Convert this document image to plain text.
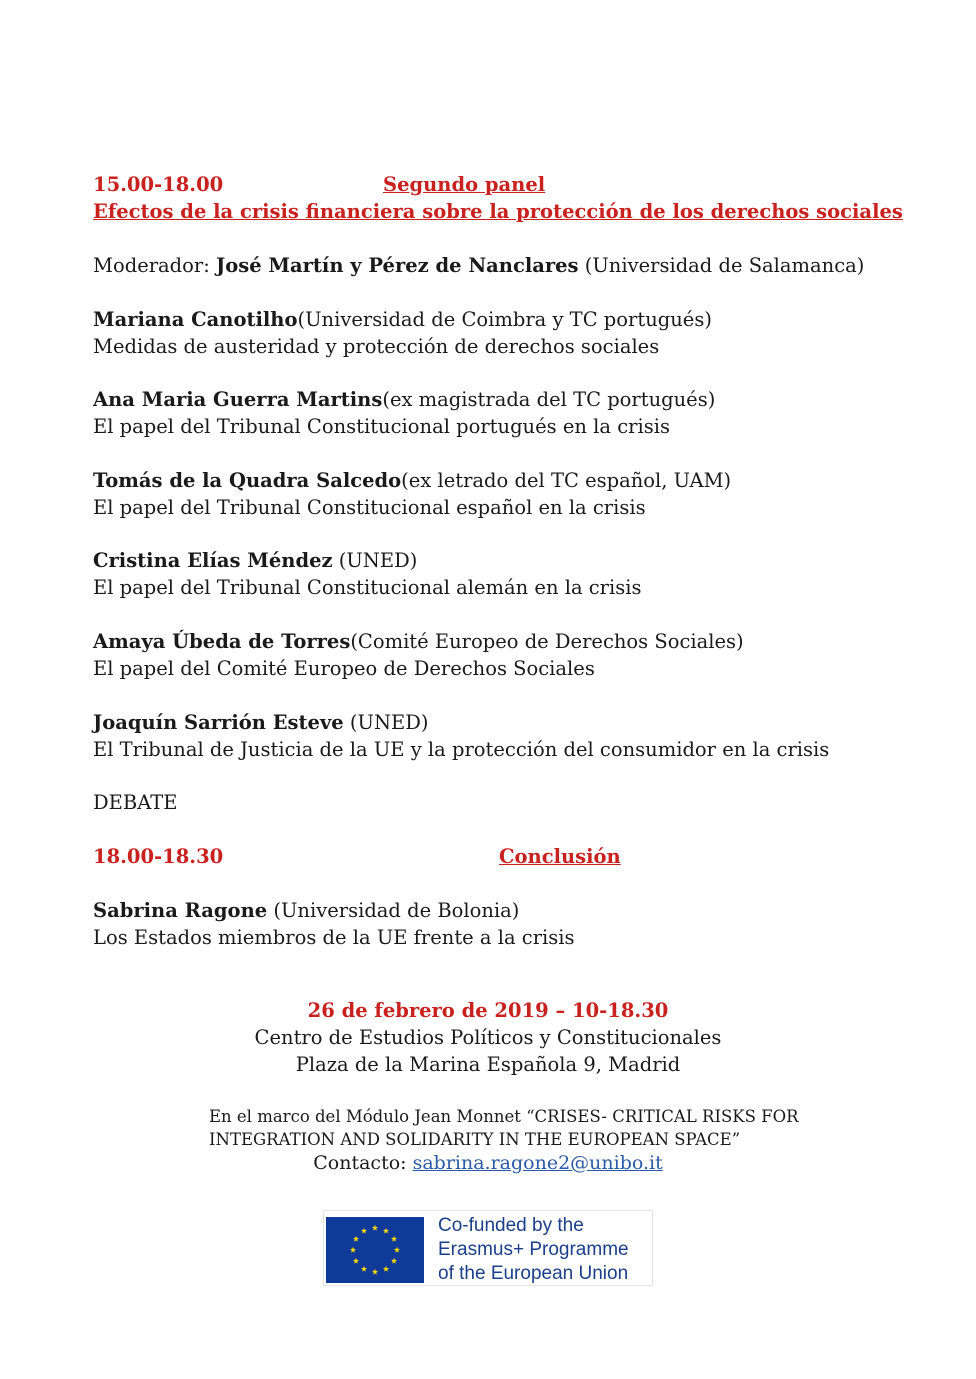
15.00-18.00	Segundo panel
Efectos de la crisis financiera sobre la protección de los derechos sociales
Moderador: José Martín y Pérez de Nanclares (Universidad de Salamanca)
Mariana Canotilho(Universidad de Coimbra y TC portugués)
Medidas de austeridad y protección de derechos sociales
Ana Maria Guerra Martins(ex magistrada del TC portugués)
El papel del Tribunal Constitucional portugués en la crisis
Tomás de la Quadra Salcedo(ex letrado del TC español, UAM)
El papel del Tribunal Constitucional español en la crisis
Cristina Elías Méndez (UNED)
El papel del Tribunal Constitucional alemán en la crisis
Amaya Úbeda de Torres(Comité Europeo de Derechos Sociales)
El papel del Comité Europeo de Derechos Sociales
Joaquín Sarrión Esteve (UNED)
El Tribunal de Justicia de la UE y la protección del consumidor en la crisis
DEBATE
18.00-18.30	Conclusión
Sabrina Ragone (Universidad de Bolonia)
Los Estados miembros de la UE frente a la crisis
26 de febrero de 2019 – 10-18.30
Centro de Estudios Políticos y Constitucionales
Plaza de la Marina Española 9, Madrid
En el marco del Módulo Jean Monnet “CRISES- CRITICAL RISKS FOR
INTEGRATION AND SOLIDARITY IN THE EUROPEAN SPACE”
Contacto: sabrina.ragone2@unibo.it
Co-funded by the
Erasmus+ Programme
of the European Union
